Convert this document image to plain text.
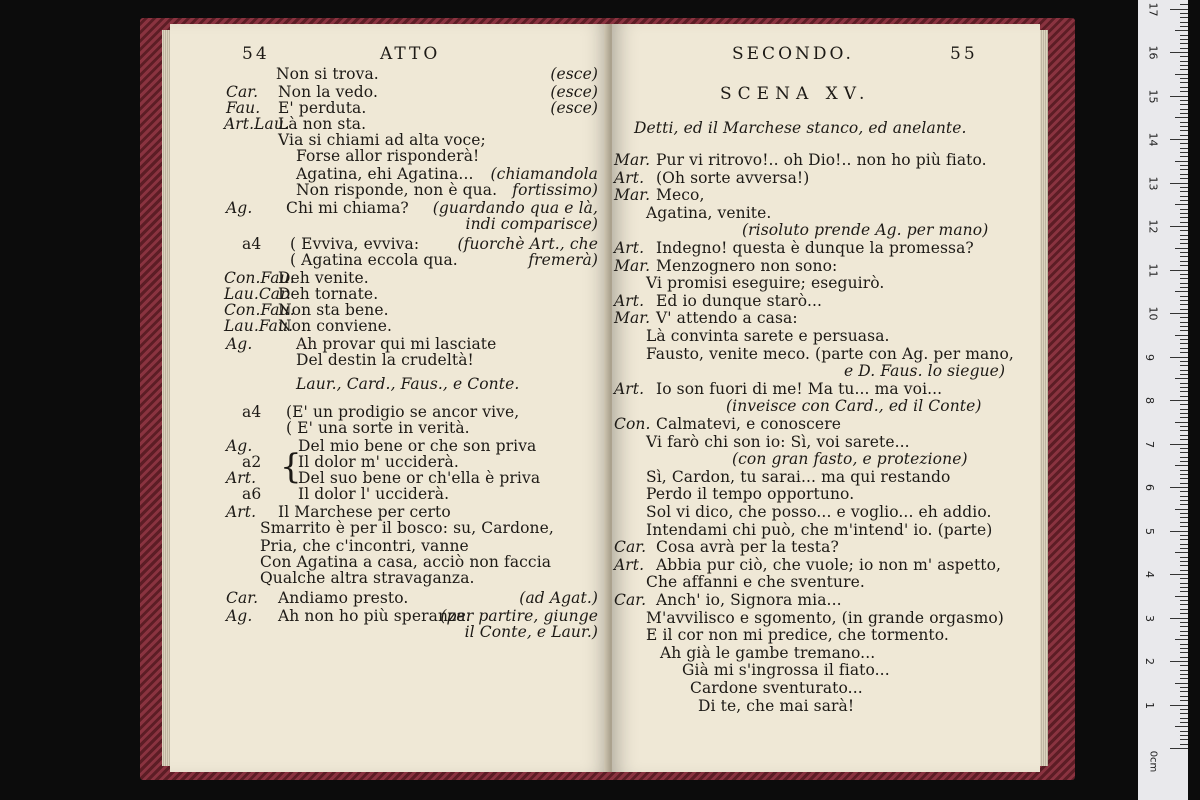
54	ATTO
Non si trova.	(esce)
Car. Non la vedo.	(esce)
Fau. E' perduta.	(esce)
Art.Lau.
Là non sta.
Via si chiami ad alta voce;
Forse allor risponderà!
Agatina, ehi Agatina... (chiamandola
Non risponde, non è qua. fortissimo)
Ag. Chi mi chiama? (guardando qua e là,
indi comparisce)
a4 ( Evviva, evviva: (fuorchè Art., che
( Agatina eccola qua.	fremerà)
Con.Fau.
Deh venite.
Lau.Car.
Deh tornate.
Con.Fau.
Non sta bene.
Lau.Fau.
Non conviene.
Ag.	Ah provar qui mi lasciate
Del destin la crudeltà!
Laur., Card., Faus., e Conte.
a4 (E' un prodigio se ancor vive,
( E' una sorte in verità.
Ag.	Del mio bene or che son priva
a2 Il dolor m' ucciderà.
Art.	Del suo bene or ch'ella è priva
a6 Il dolor l' ucciderà.
Art. Il Marchese per certo
Smarrito è per il bosco: su, Cardone,
Pria, che c'incontri, vanne
Con Agatina a casa, acciò non faccia
Qualche altra stravaganza.
Car. Andiamo presto.	(ad Agat.)
Ag. Ah non ho più speranza.
(per partire, giunge
il Conte, e Laur.)
{
SECONDO.	55
SCENA XV.
Detti, ed il Marchese stanco, ed anelante.
Mar. Pur vi ritrovo!.. oh Dio!.. non ho più fiato.
Art. (Oh sorte avversa!)
Mar. Meco,
Agatina, venite.
(risoluto prende Ag. per mano)
Art. Indegno! questa è dunque la promessa?
Mar. Menzognero non sono:
Vi promisi eseguire; eseguirò.
Art. Ed io dunque starò...
Mar. V' attendo a casa:
Là convinta sarete e persuasa.
Fausto, venite meco. (parte con Ag. per mano,
e D. Faus. lo siegue)
Art. Io son fuori di me! Ma tu... ma voi...
(inveisce con Card., ed il Conte)
Con. Calmatevi, e conoscere
Vi farò chi son io: Sì, voi sarete...
(con gran fasto, e protezione)
Sì, Cardon, tu sarai... ma qui restando
Perdo il tempo opportuno.
Sol vi dico, che posso... e voglio... eh addio.
Intendami chi può, che m'intend' io. (parte)
Car. Cosa avrà per la testa?
Art. Abbia pur ciò, che vuole; io non m' aspetto,
Che affanni e che sventure.
Car. Anch' io, Signora mia...
M'avvilisco e sgomento, (in grande orgasmo)
E il cor non mi predice, che tormento.
Ah già le gambe tremano...
Già mi s'ingrossa il fiato...
Cardone sventurato...
Di te, che mai sarà!
0cm
1
2
3
4
5
6
7
8
9
10
11
12
13
14
15
16
17
